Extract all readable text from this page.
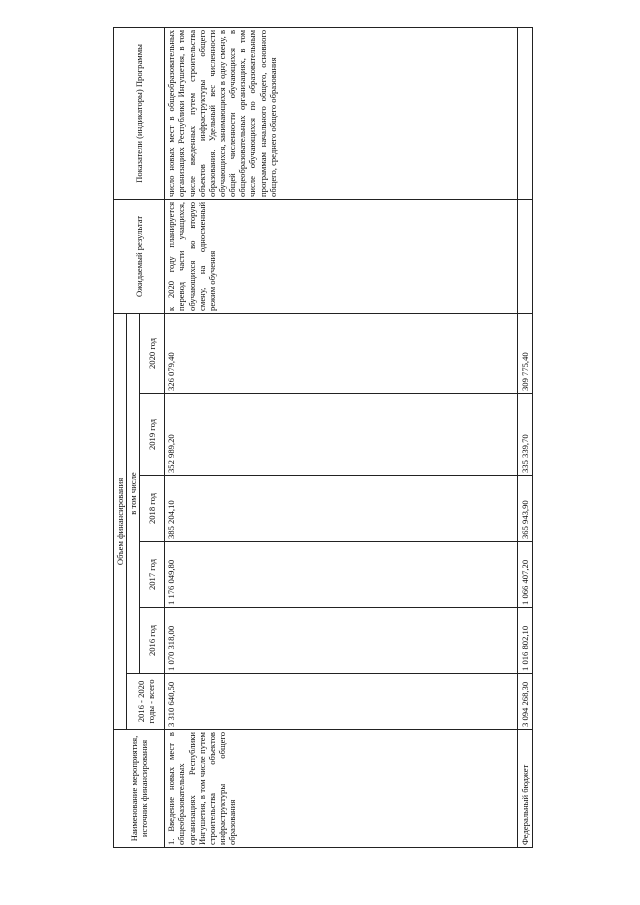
Наименование мероприятия, источник финансирования	Объем финансирования						Ожидаемый результат	Показатели (индикаторы) Программы
	2016 - 2020 годы - всего	в том числе						
		2016 год	2017 год	2018 год	2019 год	2020 год		
1. Введение новых мест в общеобразовательных организациях Республики Ингушетия, в том числе путем строительства объектов инфраструктуры общего образования	3 310 640,50	1 070 318,00	1 176 049,80	385 204,10	352 989,20	326 079,40	к 2020 году планируется перевод части учащихся, обучающихся во вторую смену, на односменный режим обучения	число новых мест в общеобразовательных организациях Республики Ингушетия, в том числе введенных путем строительства объектов инфраструктуры общего образования. Удельный вес численности обучающихся, занимающихся в одну смену, в общей численности обучающихся в общеобразовательных организациях, в том числе обучающихся по образовательным программам начального общего, основного общего, среднего общего образования
Федеральный бюджет	3 094 268,30	1 016 802,10	1 066 407,20	365 943,90	335 339,70	309 775,40		
